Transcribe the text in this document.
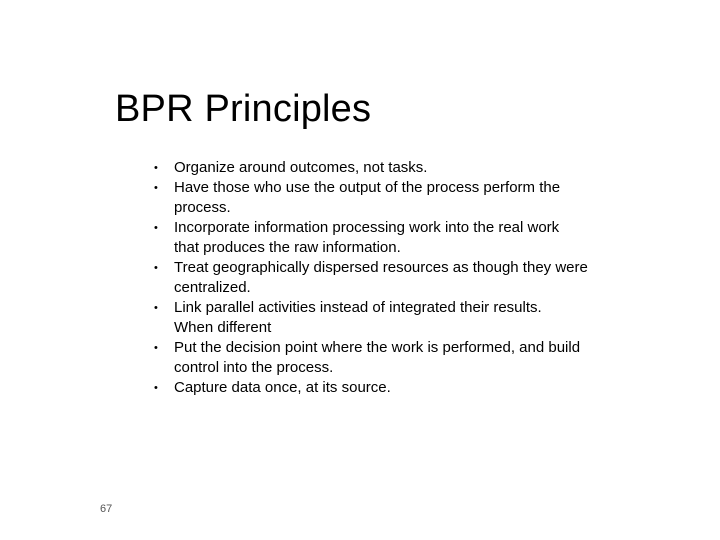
BPR Principles
•	Organize around outcomes, not tasks.
•	Have those who use the output of the process perform the
process.
•	Incorporate information processing work into the real work
that produces the raw information.
•	Treat geographically dispersed resources as though they were
centralized.
•	Link parallel activities instead of integrated their results.
When different
•	Put the decision point where the work is performed, and build
control into the process.
•	Capture data once, at its source.
67
